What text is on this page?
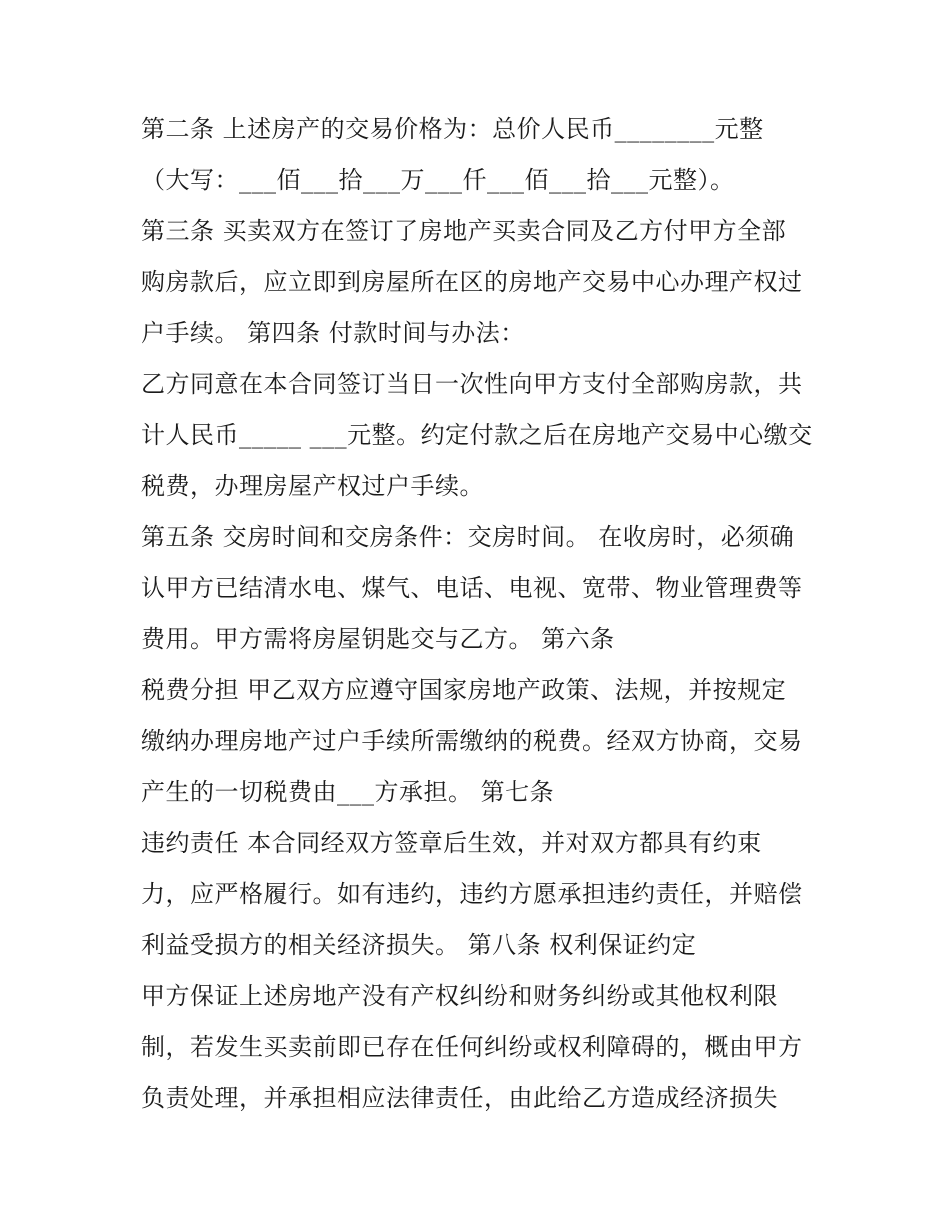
第二条 上述房产的交易价格为：总价人民币________元整
（大写：___佰___拾___万___仟___佰___拾___元整）。
第三条 买卖双方在签订了房地产买卖合同及乙方付甲方全部
购房款后，应立即到房屋所在区的房地产交易中心办理产权过
户手续。 第四条 付款时间与办法：
乙方同意在本合同签订当日一次性向甲方支付全部购房款，共
计人民币_____ ___元整。约定付款之后在房地产交易中心缴交
税费，办理房屋产权过户手续。
第五条 交房时间和交房条件：交房时间。 在收房时，必须确
认甲方已结清水电、煤气、电话、电视、宽带、物业管理费等
费用。甲方需将房屋钥匙交与乙方。 第六条
税费分担 甲乙双方应遵守国家房地产政策、法规，并按规定
缴纳办理房地产过户手续所需缴纳的税费。经双方协商，交易
产生的一切税费由___方承担。 第七条
违约责任 本合同经双方签章后生效，并对双方都具有约束
力，应严格履行。如有违约，违约方愿承担违约责任，并赔偿
利益受损方的相关经济损失。 第八条 权利保证约定
甲方保证上述房地产没有产权纠纷和财务纠纷或其他权利限
制，若发生买卖前即已存在任何纠纷或权利障碍的，概由甲方
负责处理，并承担相应法律责任，由此给乙方造成经济损失
